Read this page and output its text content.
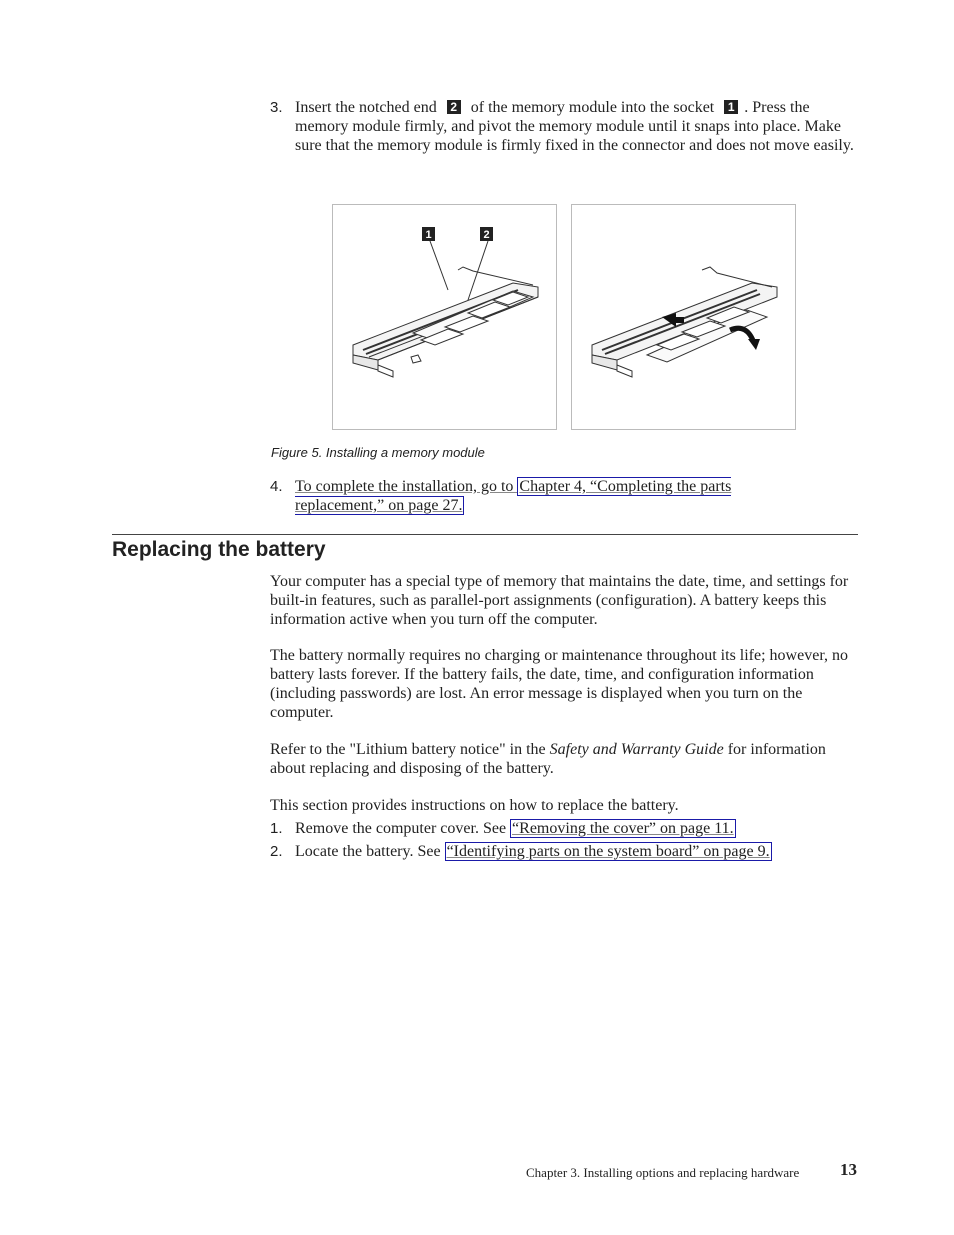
3. Insert the notched end 2 of the memory module into the socket 1 . Press the memory module firmly, and pivot the memory module until it snaps into place. Make sure that the memory module is firmly fixed in the connector and does not move easily.
1	2
Figure 5. Installing a memory module
4. To complete the installation, go to Chapter 4, “Completing the parts replacement,” on page 27.
Replacing the battery
Your computer has a special type of memory that maintains the date, time, and settings for built-in features, such as parallel-port assignments (configuration). A battery keeps this information active when you turn off the computer.
The battery normally requires no charging or maintenance throughout its life; however, no battery lasts forever. If the battery fails, the date, time, and configuration information (including passwords) are lost. An error message is displayed when you turn on the computer.
Refer to the "Lithium battery notice" in the Safety and Warranty Guide for information about replacing and disposing of the battery.
This section provides instructions on how to replace the battery.
1. Remove the computer cover. See “Removing the cover” on page 11.
2. Locate the battery. See “Identifying parts on the system board” on page 9.
Chapter 3. Installing options and replacing hardware 13
